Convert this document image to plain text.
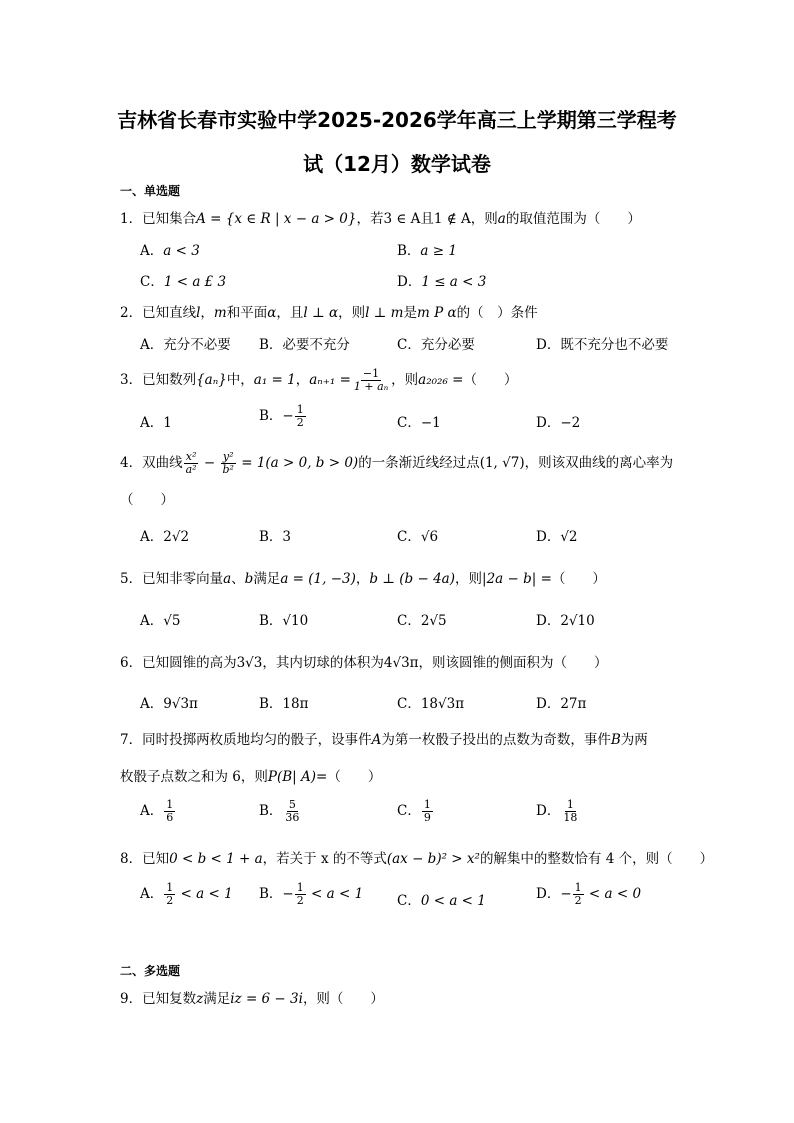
吉林省长春市实验中学2025-2026学年高三上学期第三学程考
试（12月）数学试卷
一、单选题
1．已知集合A = {x ∈ R | x − a > 0}，若3 ∈ A且1 ∉ A，则a的取值范围为（　　）
A．a < 3	B．a ≥ 1
C．1 < a £ 3	D．1 ≤ a < 3
2．已知直线l，m和平面α，且l ⊥ α，则l ⊥ m是m P α的（　）条件
A．充分不必要 B．必要不充分	C．充分必要	D．既不充分也不必要
3．已知数列{aₙ}中，a₁ = 1，$a_{n+1} = \frac{-1}{\text{1 + aₙ}}$ ，则a₂₀₂₆ =（　　）
A．1	B．− $\frac{1}{2}$	C．−1	D．−2
4．双曲线 $\frac{\text{x²}}{\text{a²}} - \frac{\text{y²}}{\text{b²}} = 1(a > 0$, b > 0)的一条渐近线经过点(1, √7)，则该双曲线的离心率为
（　　）
A．2√2	B．3	C．√6	D．√2
5．已知非零向量a、b满足a = (1, −3)，b ⊥ (b − 4a)，则|2a − b| =（　　）
A．√5	B．√10	C．2√5	D．2√10
6．已知圆锥的高为3√3，其内切球的体积为4√3π，则该圆锥的侧面积为（　　）
A．9√3π	B．18π	C．18√3π	D．27π
7．同时投掷两枚质地均匀的骰子，设事件A为第一枚骰子投出的点数为奇数，事件B为两
枚骰子点数之和为 6，则P(B| A)=（　　）
A． $\frac{1}{6}$	B． $\frac{5}{36}$	C． $\frac{1}{9}$	D． $\frac{1}{18}$
8．已知0 < b < 1 + a，若关于 x 的不等式(ax − b)² > x²的解集中的整数恰有 4 个，则（　　）
A． $\frac{1}{2} < a < 1$ B．− $\frac{1}{2} < a < 1$	C．0 < a < 1	D．− $\frac{1}{2} < a < 0$
二、多选题
9．已知复数z满足iz = 6 − 3i，则（　　）
